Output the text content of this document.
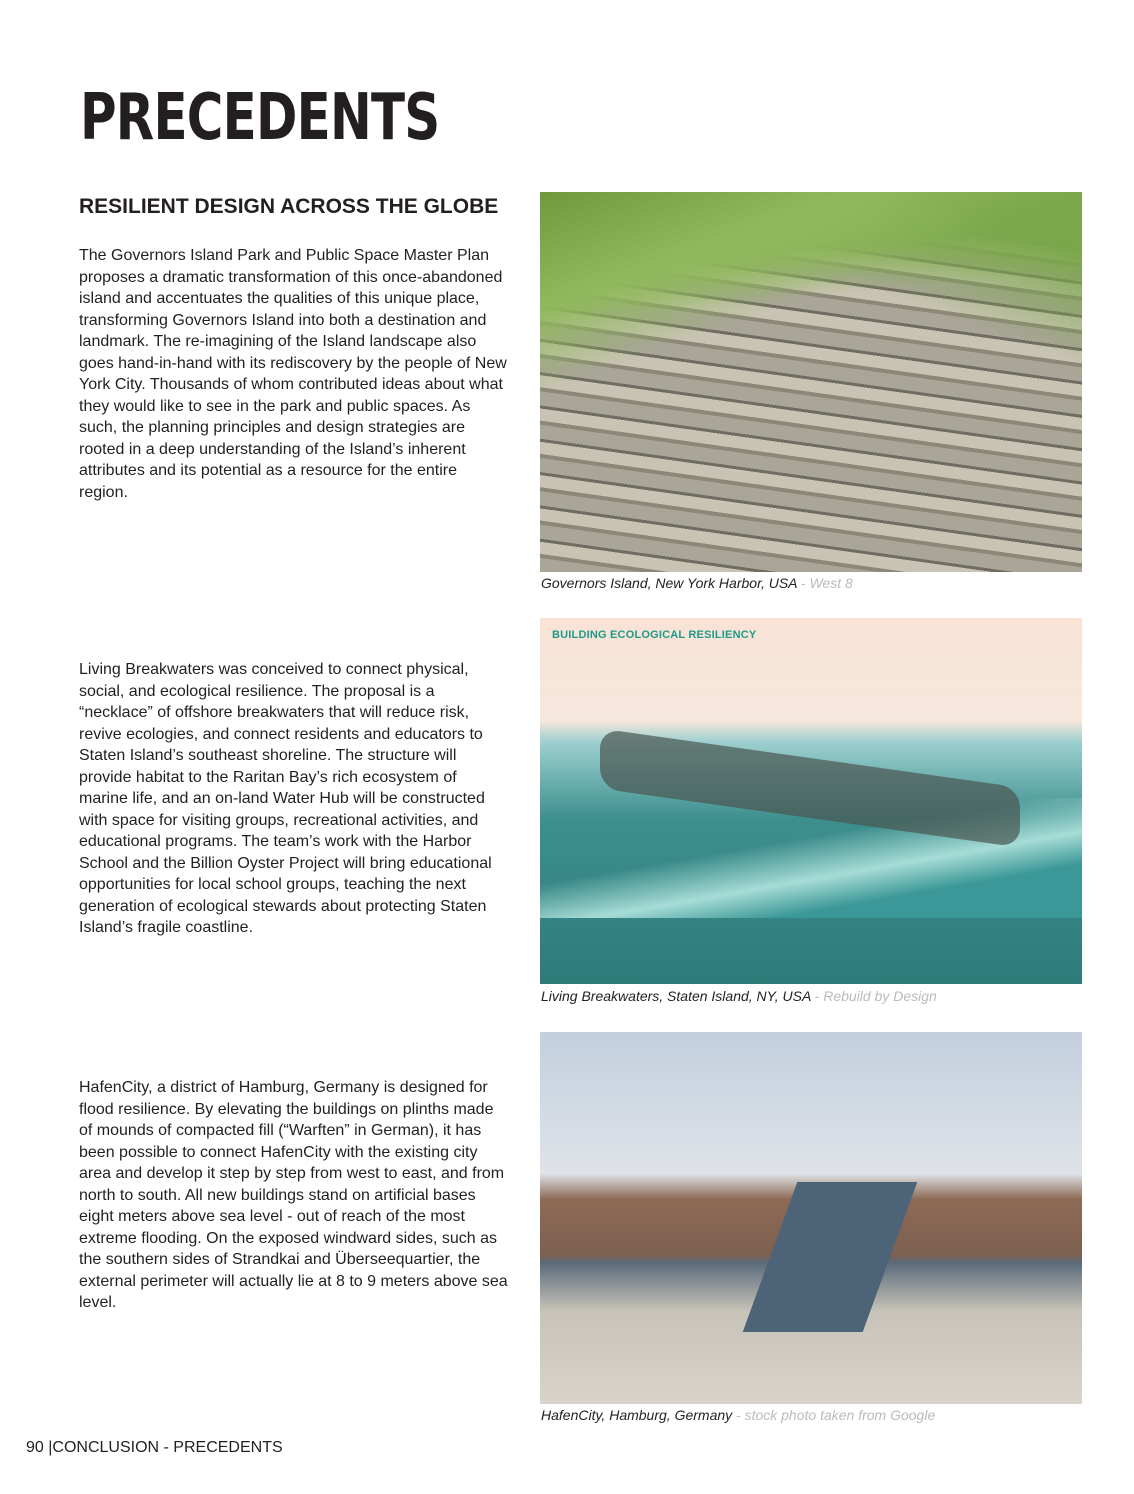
PRECEDENTS
RESILIENT DESIGN ACROSS THE GLOBE

The Governors Island Park and Public Space Master Plan proposes a dramatic transformation of this once-abandoned island and accentuates the qualities of this unique place, transforming Governors Island into both a destination and landmark. The re-imagining of the Island landscape also goes hand-in-hand with its rediscovery by the people of New York City. Thousands of whom contributed ideas about what they would like to see in the park and public spaces. As such, the planning principles and design strategies are rooted in a deep understanding of the Island’s inherent attributes and its potential as a resource for the entire region.

Governors Island, New York Harbor, USA - West 8

Living Breakwaters was conceived to connect physical, social, and ecological resilience. The proposal is a “necklace” of offshore breakwaters that will reduce risk, revive ecologies, and connect residents and educators to Staten Island’s southeast shoreline. The structure will provide habitat to the Raritan Bay’s rich ecosystem of marine life, and an on-land Water Hub will be constructed with space for visiting groups, recreational activities, and educational programs. The team’s work with the Harbor School and the Billion Oyster Project will bring educational opportunities for local school groups, teaching the next generation of ecological stewards about protecting Staten Island’s fragile coastline.

BUILDING ECOLOGICAL RESILIENCY
Living Breakwaters, Staten Island, NY, USA - Rebuild by Design

HafenCity, a district of Hamburg, Germany is designed for flood resilience. By elevating the buildings on plinths made of mounds of compacted fill (“Warften” in German), it has been possible to connect HafenCity with the existing city area and develop it step by step from west to east, and from north to south. All new buildings stand on artificial bases eight meters above sea level - out of reach of the most extreme flooding. On the exposed windward sides, such as the southern sides of Strandkai and Überseequartier, the external perimeter will actually lie at 8 to 9 meters above sea level.

HafenCity, Hamburg, Germany - stock photo taken from Google
90 |CONCLUSION - PRECEDENTS
